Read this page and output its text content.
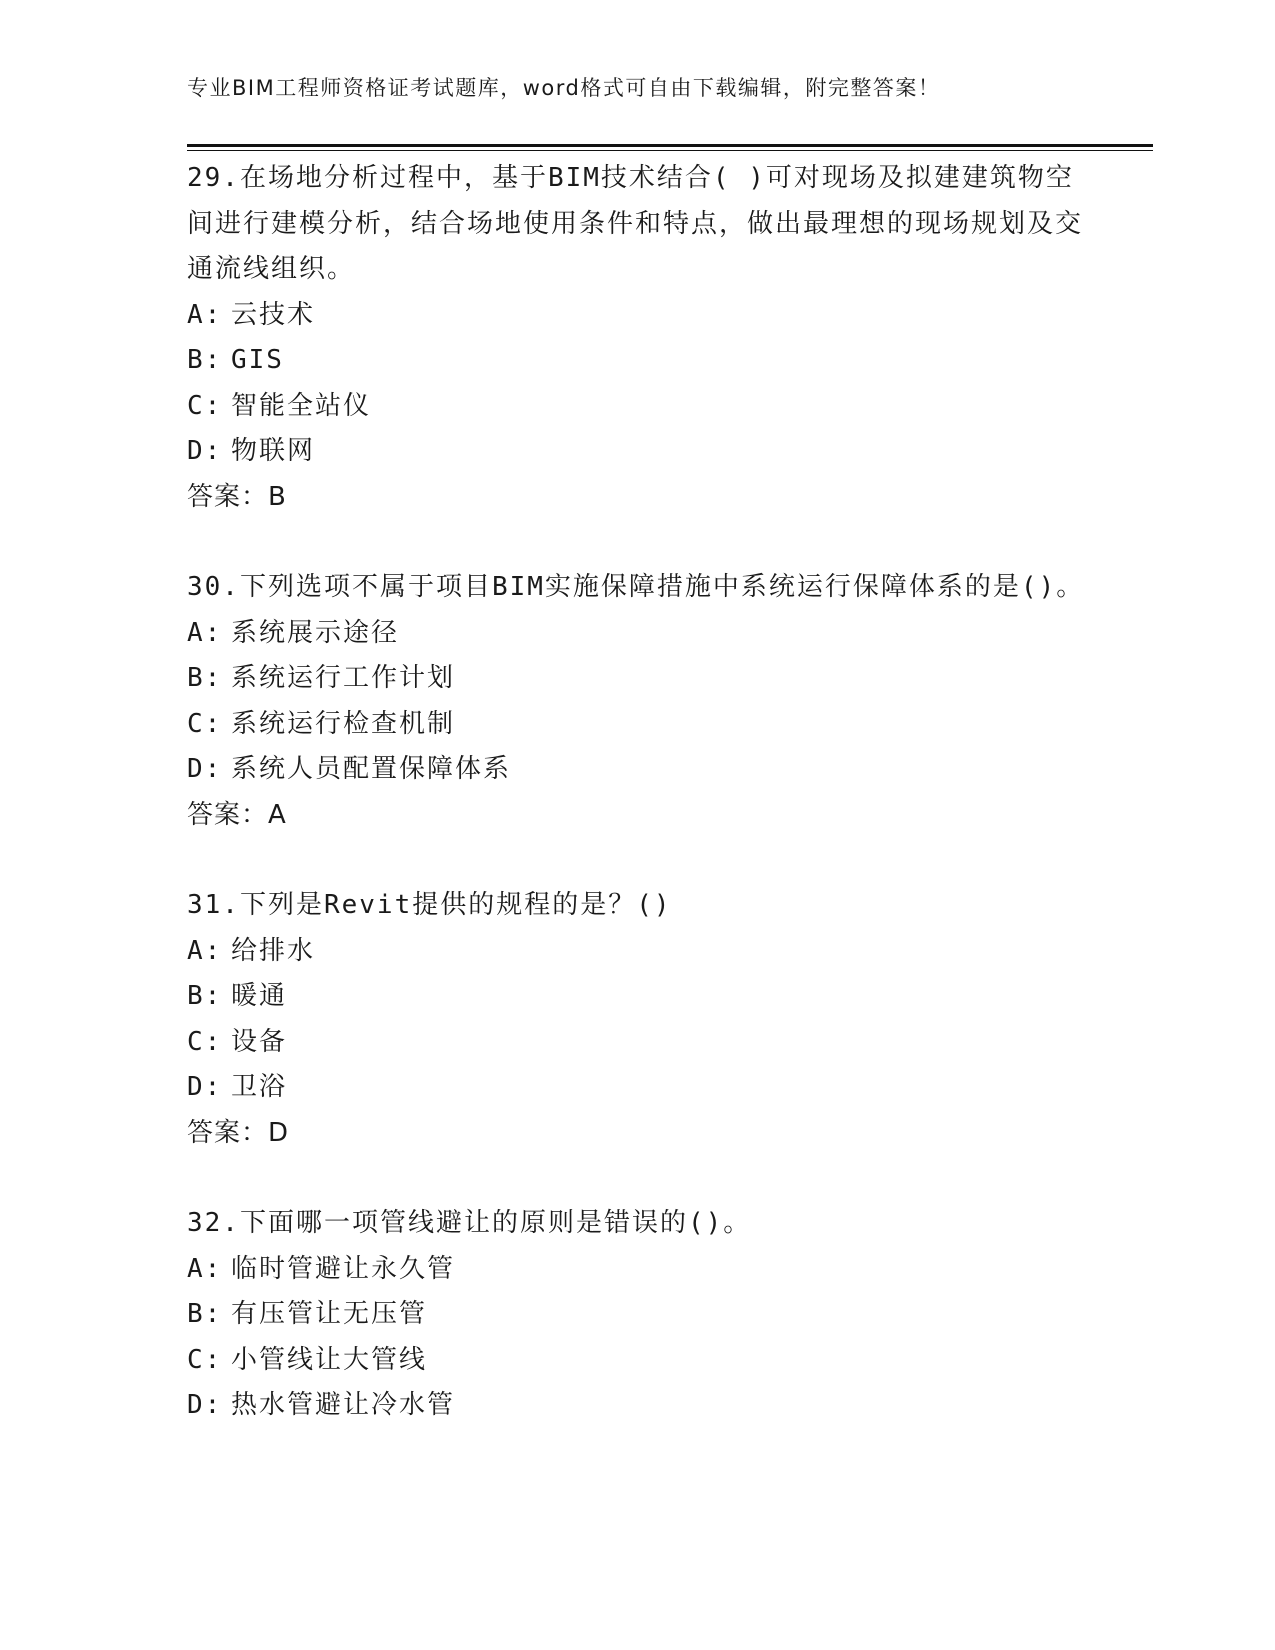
专业BIM工程师资格证考试题库，word格式可自由下载编辑，附完整答案！

29.在场地分析过程中，基于BIM技术结合( )可对现场及拟建建筑物空间进行建模分析，结合场地使用条件和特点，做出最理想的现场规划及交通流线组织。

A: 云技术

B: GIS

C: 智能全站仪

D: 物联网

答案：B

30.下列选项不属于项目BIM实施保障措施中系统运行保障体系的是()。

A: 系统展示途径

B: 系统运行工作计划

C: 系统运行检查机制

D: 系统人员配置保障体系

答案：A

31.下列是Revit提供的规程的是？()

A: 给排水

B: 暖通

C: 设备

D: 卫浴

答案：D

32.下面哪一项管线避让的原则是错误的()。

A: 临时管避让永久管

B: 有压管让无压管

C: 小管线让大管线

D: 热水管避让冷水管
